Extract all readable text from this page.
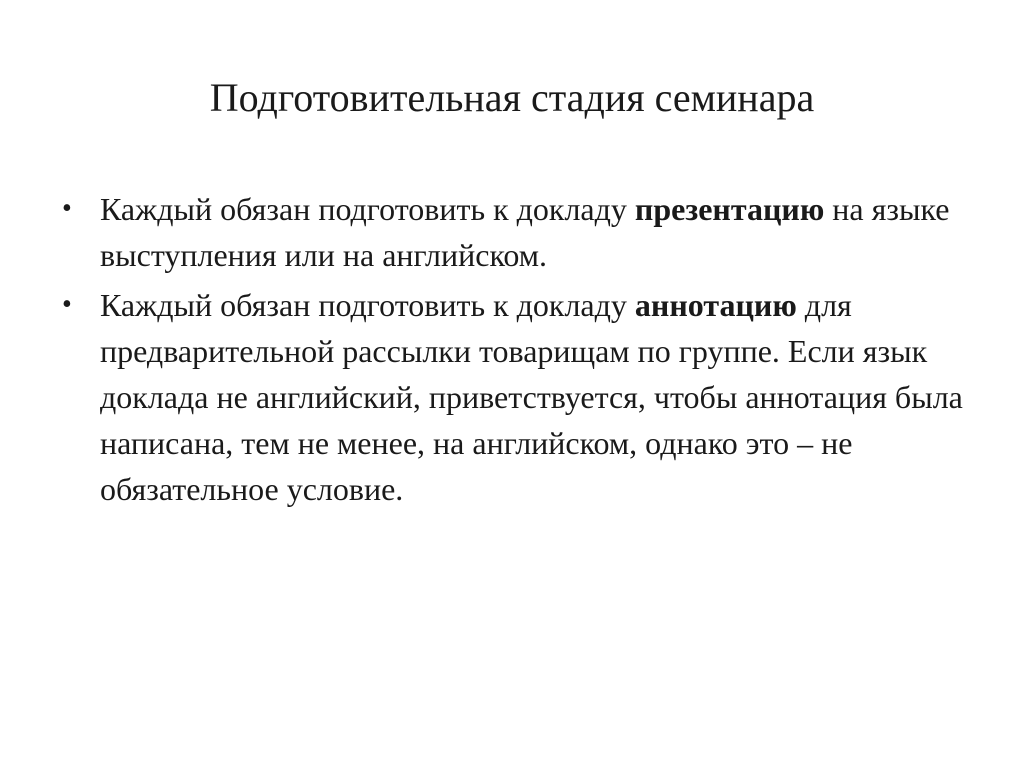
Подготовительная стадия семинара
• Каждый обязан подготовить к докладу презентацию на языке выступления или на английском.
• Каждый обязан подготовить к докладу аннотацию для предварительной рассылки товарищам по группе. Если язык доклада не английский, приветствуется, чтобы аннотация была написана, тем не менее, на английском, однако это – не обязательное условие.
